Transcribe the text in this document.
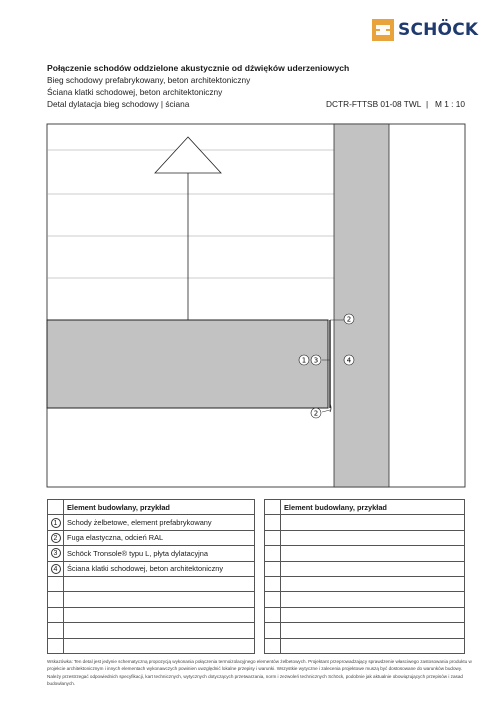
SCHÖCK
Połączenie schodów oddzielone akustycznie od dźwięków uderzeniowych
Bieg schodowy prefabrykowany, beton architektoniczny
Ściana klatki schodowej, beton architektoniczny
Detal dylatacja bieg schodowy | ściana	DCTR-FTTSB 01-08 TWL  |   M 1 : 10
2
1 3	4
2
	Element budowlany, przykład
1	Schody żelbetowe, element prefabrykowany
2	Fuga elastyczna, odcień RAL
3	Schöck Tronsole® typu L, płyta dylatacyjna
4	Ściana klatki schodowej, beton architektoniczny

	Element budowlany, przykład

Wskazówka: Ten detal jest jedynie schematyczną propozycją wykonania połączenia termoizolacyjnego elementów żelbetowych. Projektant przeprowadzający sprawdzenie własciwego zastosowania produktu w projekcie architektonicznym i innych elementach wykonawczych powinien uwzględnić lokalne przepisy i warunki. Wszystkie wytyczne i zalecenia projektowe muszą być dostosowane do warunków budowy. Należy przestrzegać odpowiednich specyfikacji, kart technicznych, wytycznych dotyczących przetwarzania, norm i zezwoleń technicznych Schöck, podobnie jak aktualnie obowiązujących przepisów i zasad budowlanych.
